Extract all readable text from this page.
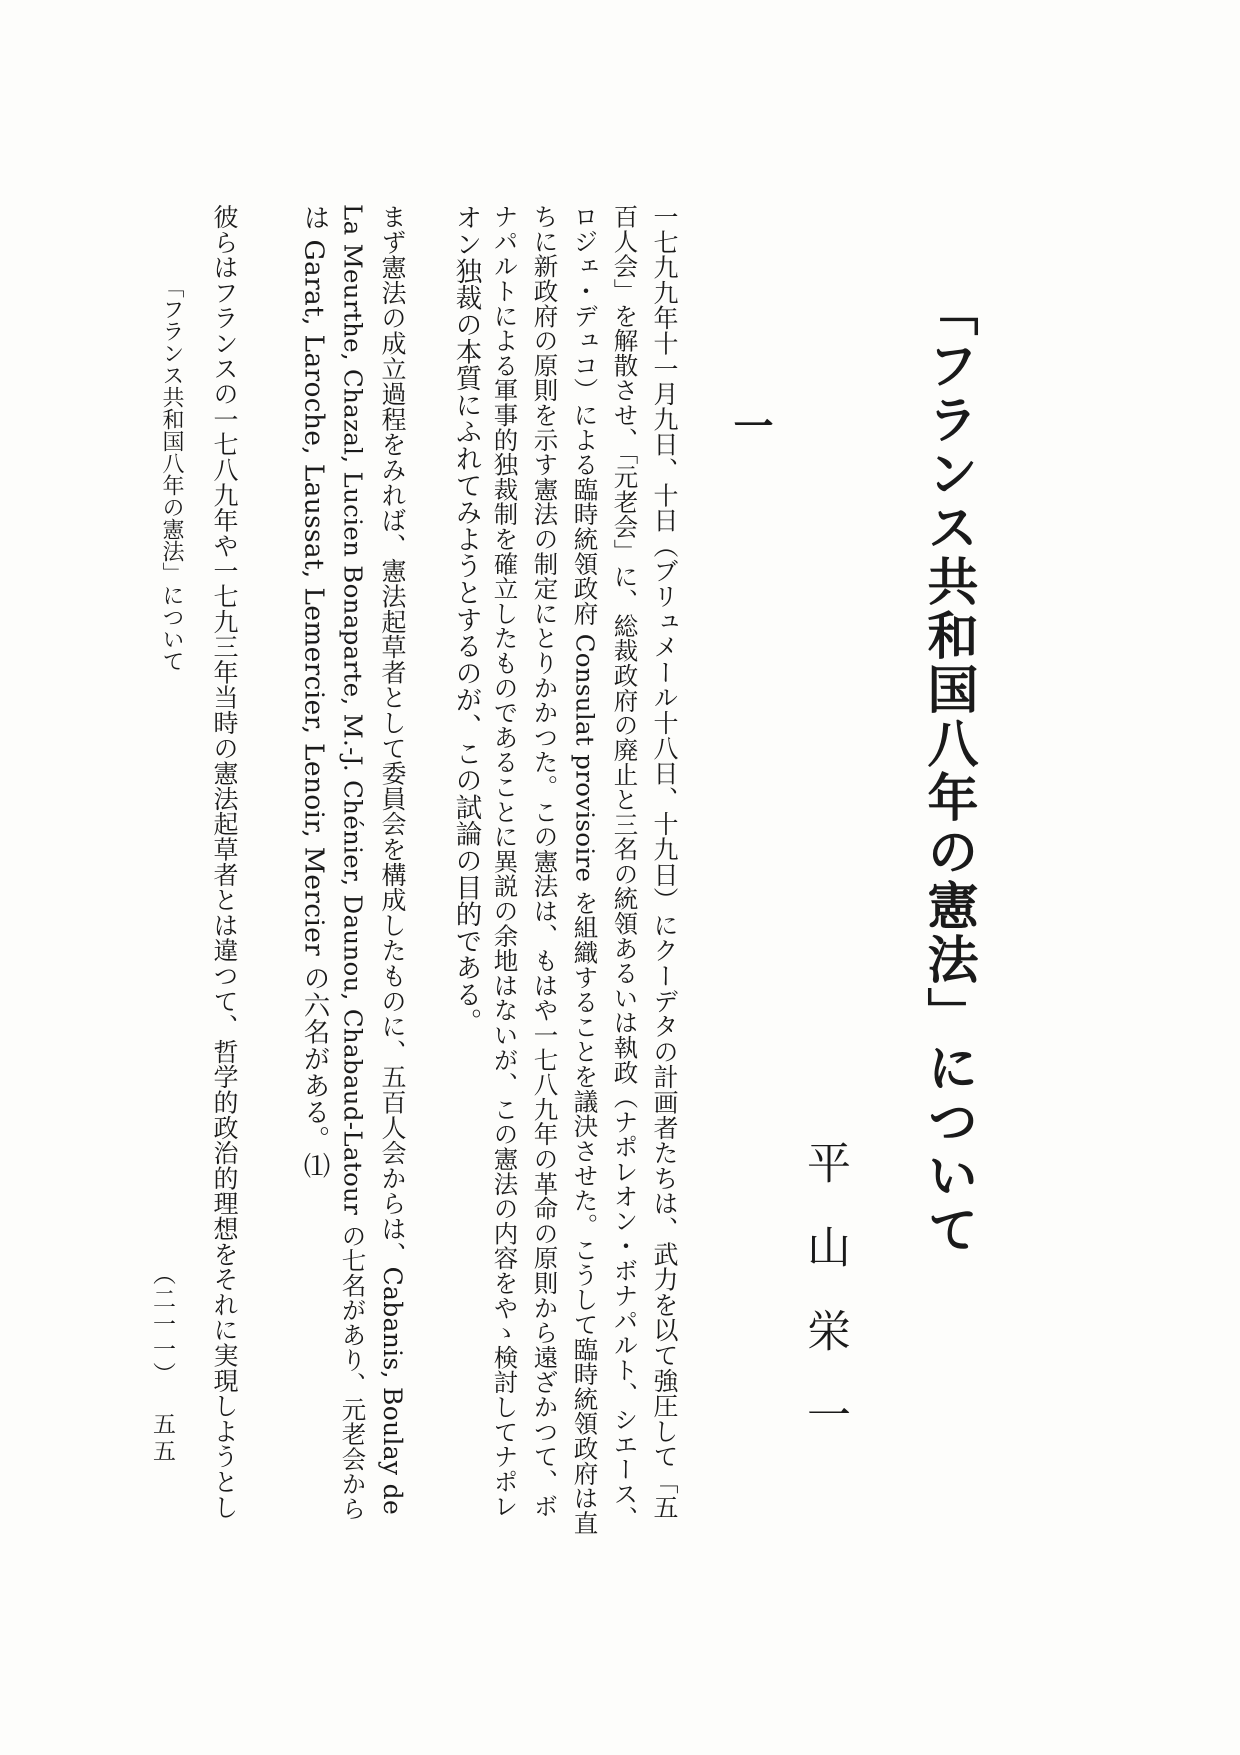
「フランス共和国八年の憲法」について
平山栄一
一
一七九九年十一月九日、十日（ブリュメール十八日、十九日）にクーデタの計画者たちは、武力を以て強圧して「五
百人会」を解散させ、「元老会」に、総裁政府の廃止と三名の統領あるいは執政（ナポレオン・ボナパルト、シエース、
ロジェ・デュコ）による臨時統領政府 Consulat provisoire を組織することを議決させた。こうして臨時統領政府は直
ちに新政府の原則を示す憲法の制定にとりかかつた。この憲法は、もはや一七八九年の革命の原則から遠ざかつて、ボ
ナパルトによる軍事的独裁制を確立したものであることに異説の余地はないが、この憲法の内容をやゝ検討してナポレ
オン独裁の本質にふれてみようとするのが、この試論の目的である。
まず憲法の成立過程をみれば、憲法起草者として委員会を構成したものに、五百人会からは、Cabanis, Boulay de
La Meurthe, Chazal, Lucien Bonaparte, M.-J. Chénier, Daunou, Chabaud-Latour の七名があり、元老会から
は Garat, Laroche, Laussat, Lemercier, Lenoir, Mercier の六名がある。⑴
彼らはフランスの一七八九年や一七九三年当時の憲法起草者とは違つて、哲学的政治的理想をそれに実現しようとし
「フランス共和国八年の憲法」について
（二一一）
五五
